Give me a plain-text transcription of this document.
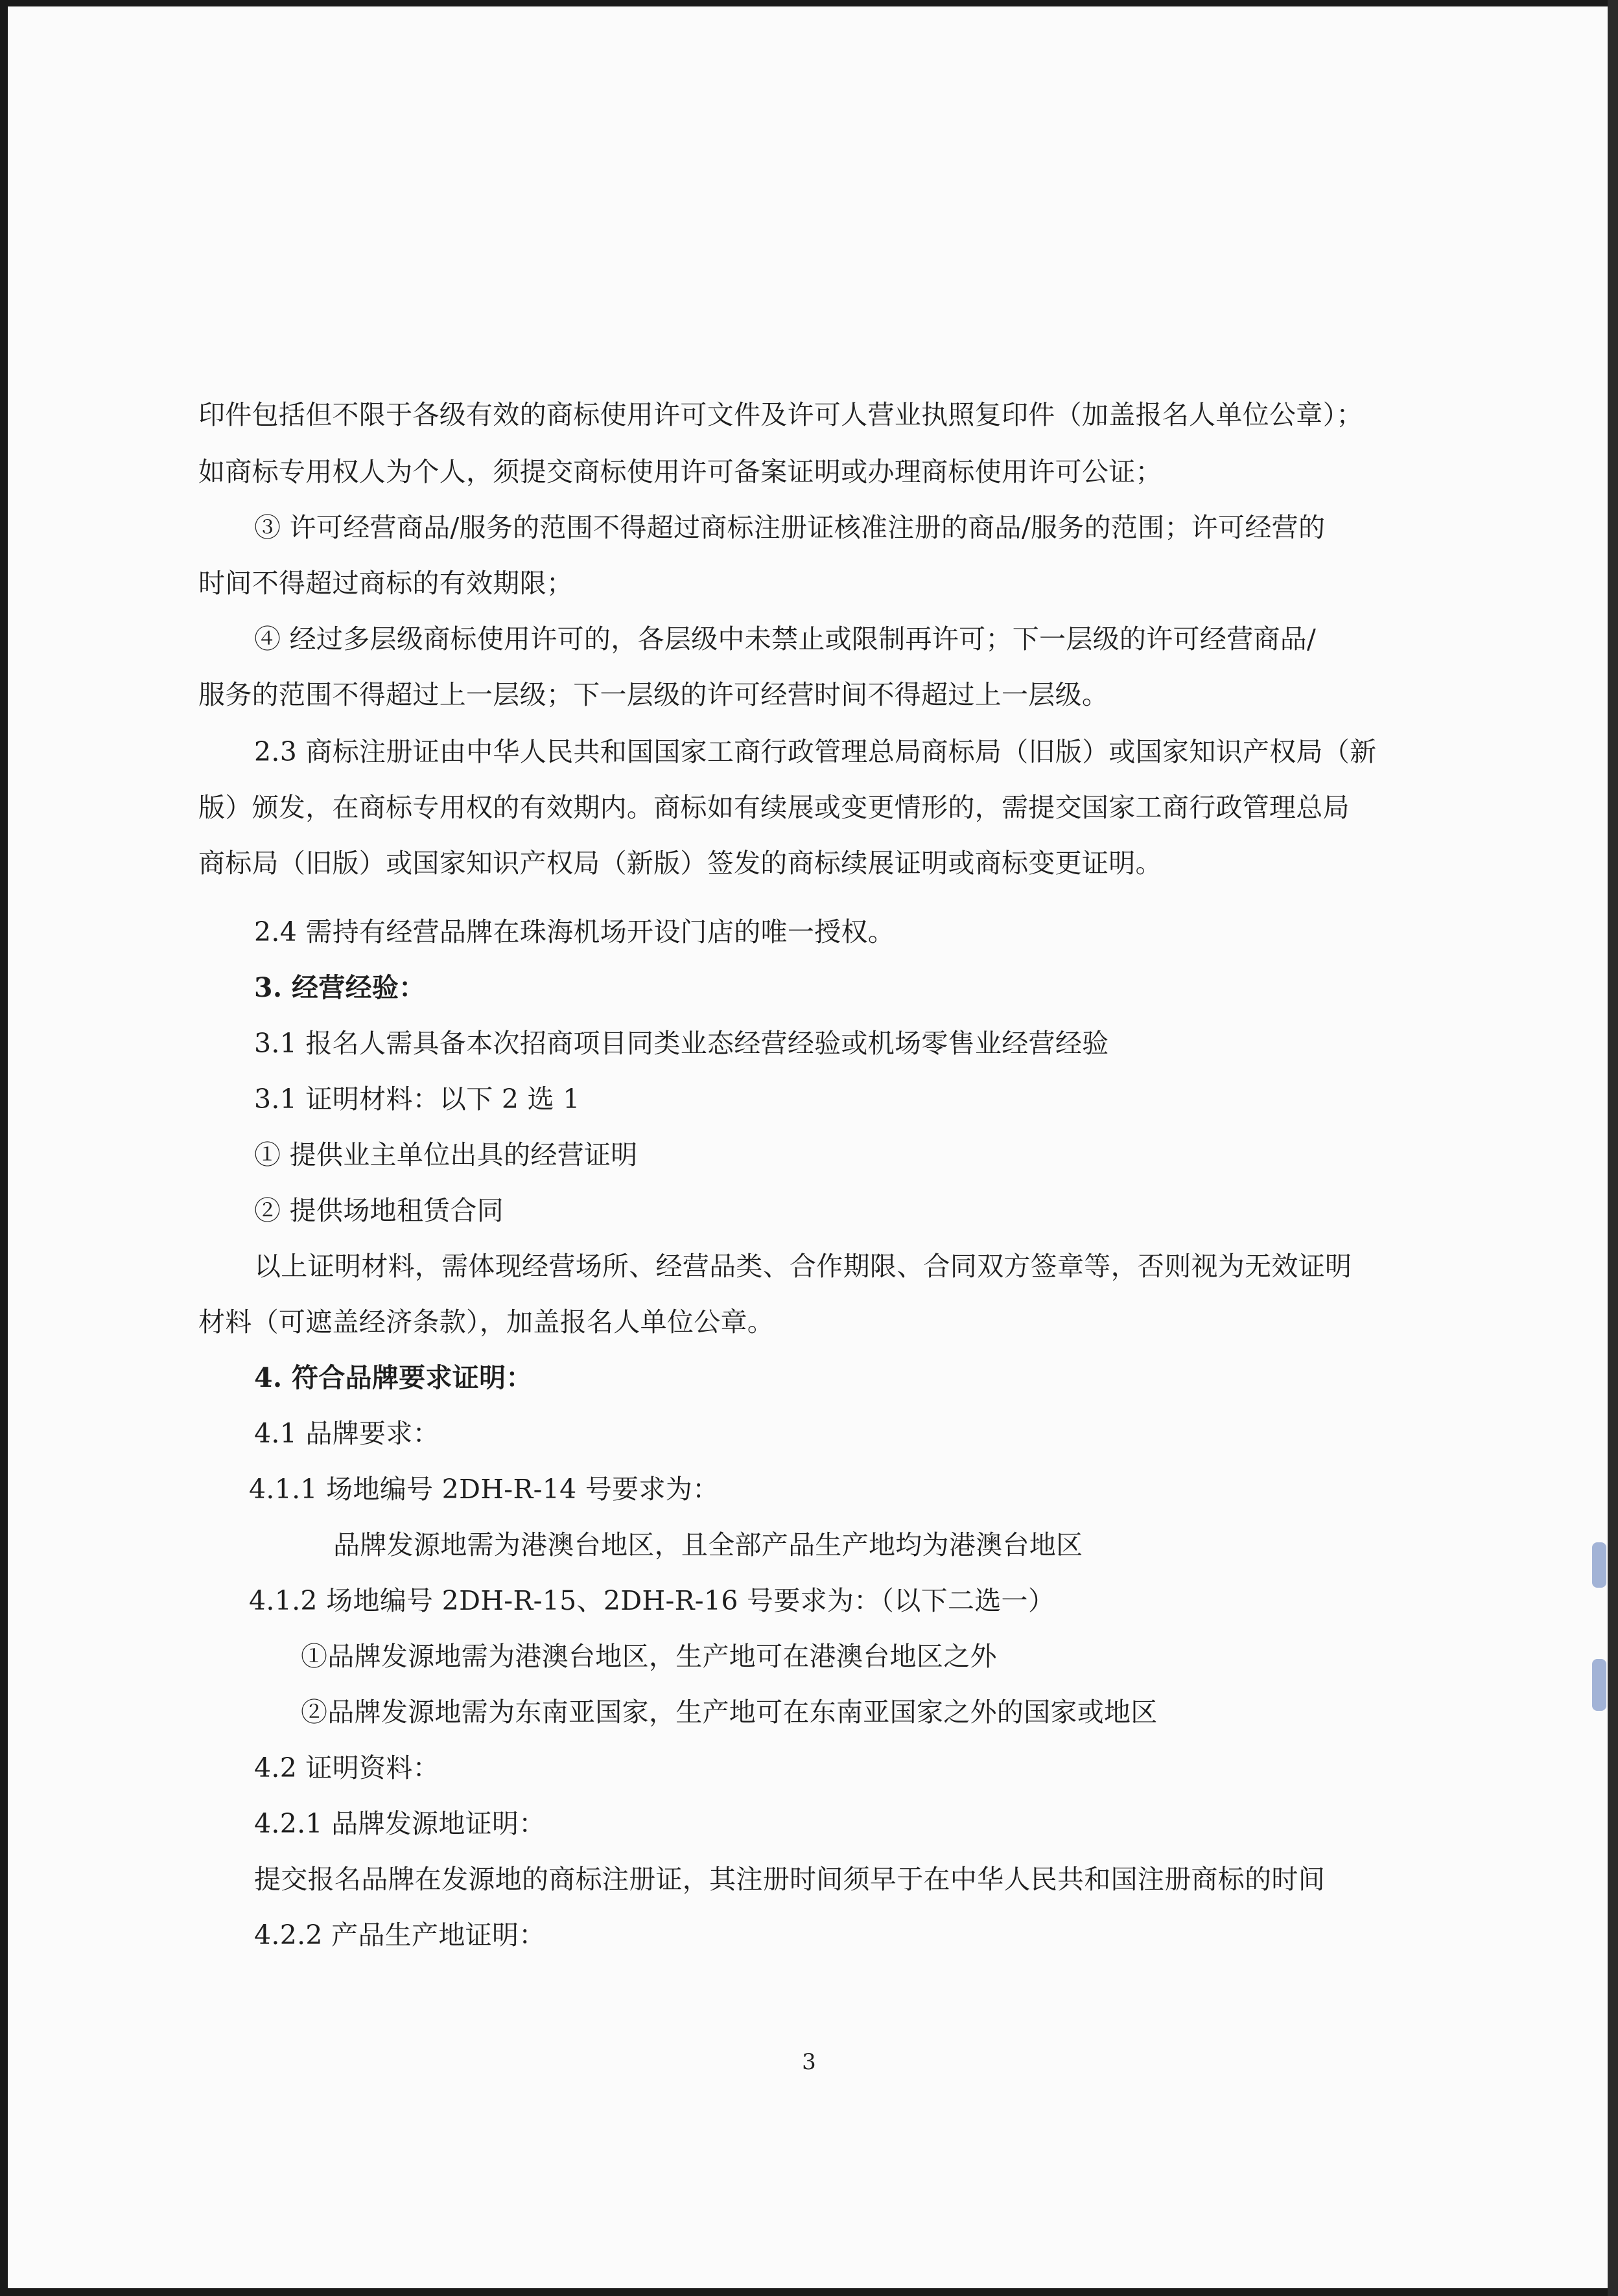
印件包括但不限于各级有效的商标使用许可文件及许可人营业执照复印件（加盖报名人单位公章）；
如商标专用权人为个人，须提交商标使用许可备案证明或办理商标使用许可公证；
③ 许可经营商品/服务的范围不得超过商标注册证核准注册的商品/服务的范围；许可经营的
时间不得超过商标的有效期限；
④ 经过多层级商标使用许可的，各层级中未禁止或限制再许可；下一层级的许可经营商品/
服务的范围不得超过上一层级；下一层级的许可经营时间不得超过上一层级。
2.3 商标注册证由中华人民共和国国家工商行政管理总局商标局（旧版）或国家知识产权局（新
版）颁发，在商标专用权的有效期内。商标如有续展或变更情形的，需提交国家工商行政管理总局
商标局（旧版）或国家知识产权局（新版）签发的商标续展证明或商标变更证明。
2.4 需持有经营品牌在珠海机场开设门店的唯一授权。
3. 经营经验：
3.1 报名人需具备本次招商项目同类业态经营经验或机场零售业经营经验
3.1 证明材料：以下 2 选 1
① 提供业主单位出具的经营证明
② 提供场地租赁合同
以上证明材料，需体现经营场所、经营品类、合作期限、合同双方签章等，否则视为无效证明
材料（可遮盖经济条款），加盖报名人单位公章。
4. 符合品牌要求证明：
4.1 品牌要求：
4.1.1 场地编号 2DH-R-14 号要求为：
品牌发源地需为港澳台地区，且全部产品生产地均为港澳台地区
4.1.2 场地编号 2DH-R-15、2DH-R-16 号要求为：（以下二选一）
①品牌发源地需为港澳台地区，生产地可在港澳台地区之外
②品牌发源地需为东南亚国家，生产地可在东南亚国家之外的国家或地区
4.2 证明资料：
4.2.1 品牌发源地证明：
提交报名品牌在发源地的商标注册证，其注册时间须早于在中华人民共和国注册商标的时间
4.2.2 产品生产地证明：
3
